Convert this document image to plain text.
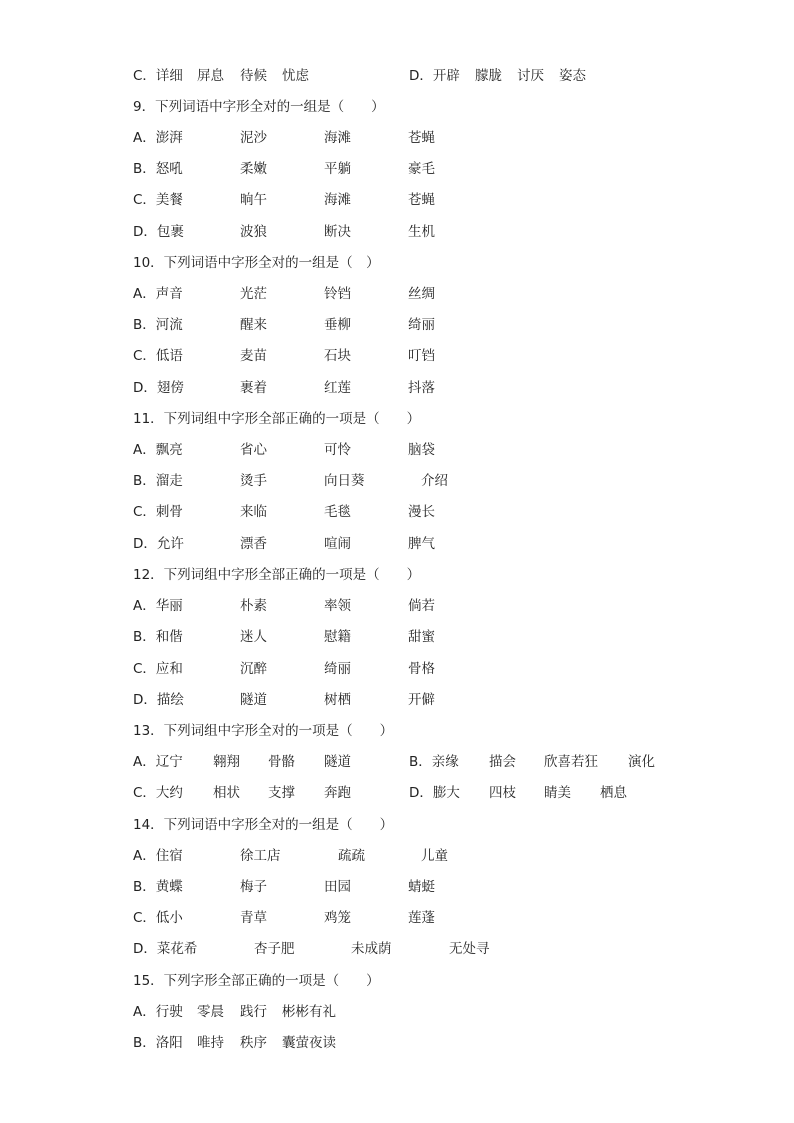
C．详细 屏息 待候 忧虑	D．开辟 朦胧 讨厌 姿态
9．下列词语中字形全对的一组是（　　）
A．澎湃	泥沙	海滩	苍蝇
B．怒吼	柔嫩	平躺	豪毛
C．美餐	晌午	海滩	苍蝇
D．包裹	波狼	断决	生机
10．下列词语中字形全对的一组是（　）
A．声音	光茫	铃铛	丝绸
B．河流	醒来	垂柳	绮丽
C．低语	麦苗	石块	叮铛
D．翅傍	裹着	红莲	抖落
11．下列词组中字形全部正确的一项是（　　）
A．飘亮	省心	可怜	脑袋
B．溜走	烫手	向日葵	介绍
C．刺骨	来临	毛毯	漫长
D．允许	漂香	喧闹	脾气
12．下列词组中字形全部正确的一项是（　　）
A．华丽	朴素	率领	倘若
B．和偕	迷人	慰籍	甜蜜
C．应和	沉醉	绮丽	骨格
D．描绘	隧道	树栖	开僻
13．下列词组中字形全对的一项是（　　）
A．辽宁 翱翔 骨骼 隧道	B．亲缘 描会 欣喜若狂 演化
C．大约 相状 支撑 奔跑	D．膨大 四枝 睛美 栖息
14．下列词语中字形全对的一组是（　　）
A．住宿	徐工店	疏疏	儿童
B．黄蝶	梅子	田园	蜻蜓
C．低小	青草	鸡笼	莲蓬
D．菜花希	杏子肥	未成荫	无处寻
15．下列字形全部正确的一项是（　　）
A．行驶 零晨 践行 彬彬有礼
B．洛阳 唯持 秩序 囊萤夜读
